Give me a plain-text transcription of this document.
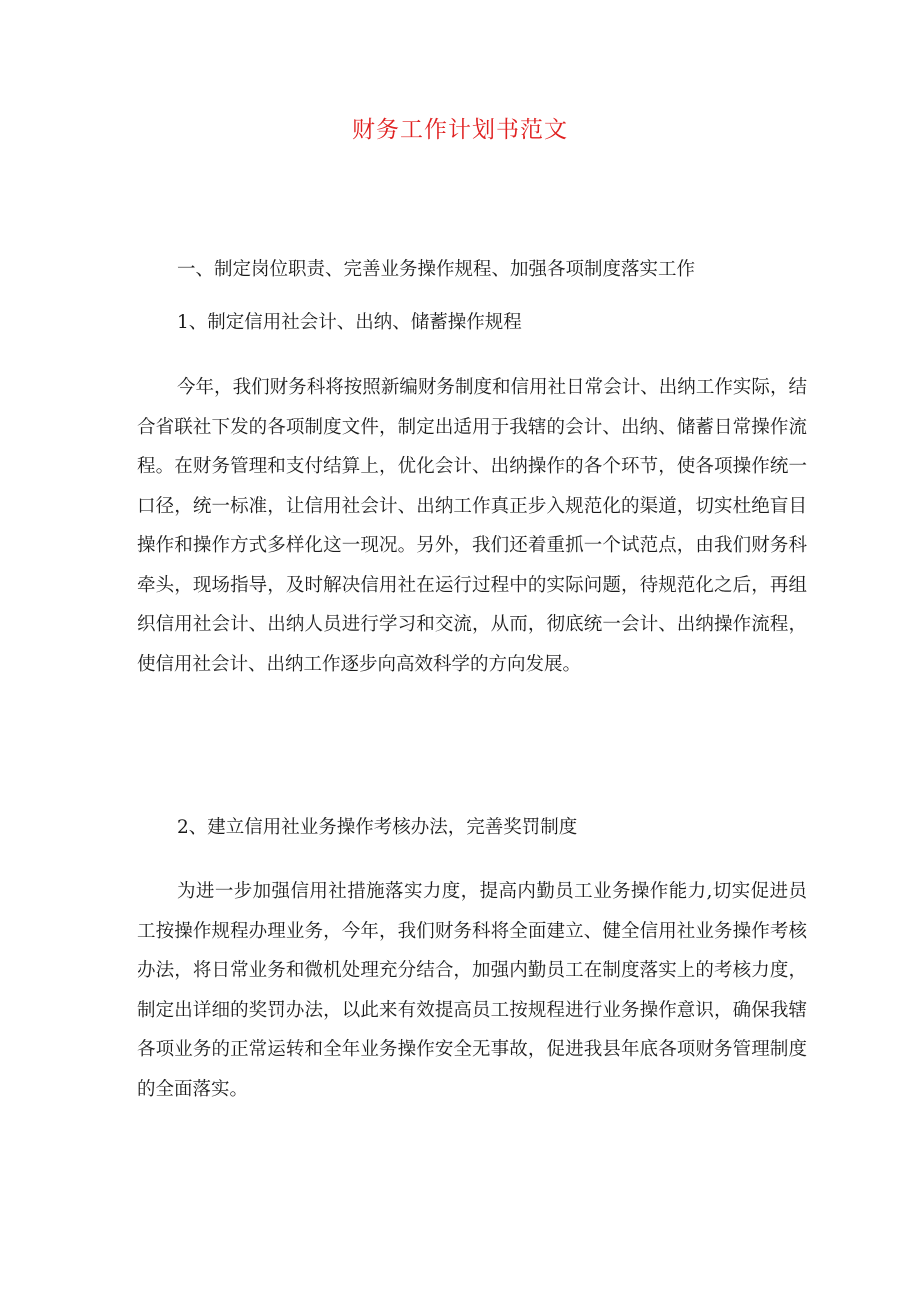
财务工作计划书范文
一、制定岗位职责、完善业务操作规程、加强各项制度落实工作
1、制定信用社会计、出纳、储蓄操作规程

今年，我们财务科将按照新编财务制度和信用社日常会计、出纳工作实际，结合省联社下发的各项制度文件，制定出适用于我辖的会计、出纳、储蓄日常操作流程。在财务管理和支付结算上，优化会计、出纳操作的各个环节，使各项操作统一口径，统一标准，让信用社会计、出纳工作真正步入规范化的渠道，切实杜绝盲目操作和操作方式多样化这一现况。另外，我们还着重抓一个试范点，由我们财务科牵头，现场指导，及时解决信用社在运行过程中的实际问题，待规范化之后，再组织信用社会计、出纳人员进行学习和交流，从而，彻底统一会计、出纳操作流程，使信用社会计、出纳工作逐步向高效科学的方向发展。

2、建立信用社业务操作考核办法，完善奖罚制度

为进一步加强信用社措施落实力度，提高内勤员工业务操作能力,切实促进员工按操作规程办理业务，今年，我们财务科将全面建立、健全信用社业务操作考核办法，将日常业务和微机处理充分结合，加强内勤员工在制度落实上的考核力度，制定出详细的奖罚办法，以此来有效提高员工按规程进行业务操作意识，确保我辖各项业务的正常运转和全年业务操作安全无事故，促进我县年底各项财务管理制度的全面落实。
